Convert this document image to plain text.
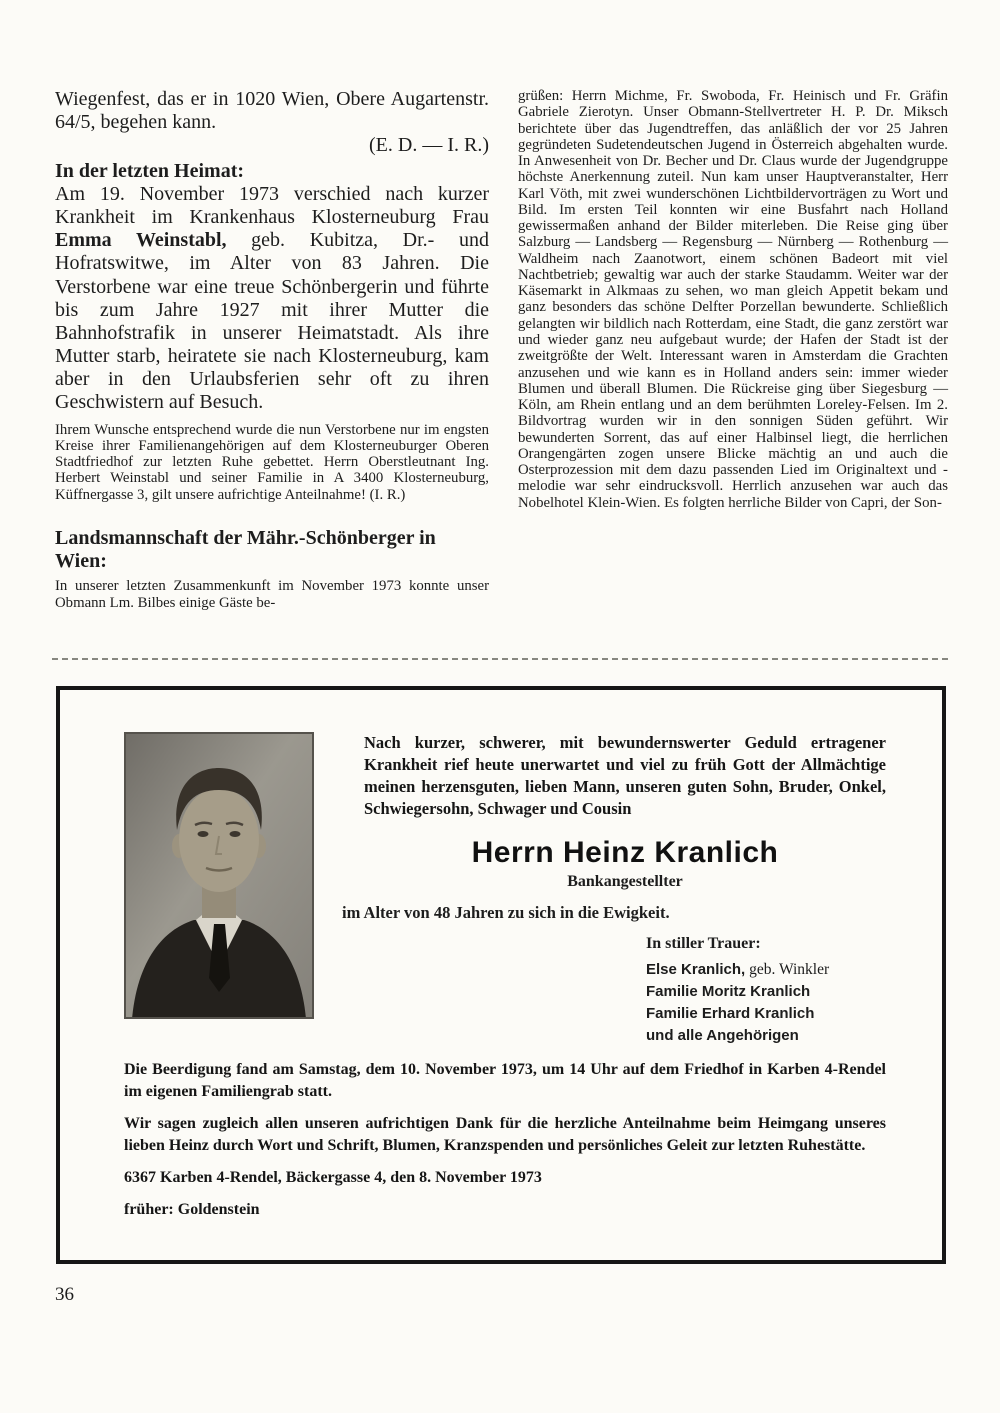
Wiegenfest, das er in 1020 Wien, Obere Augartenstr. 64/5, begehen kann.

(E. D. — I. R.)

In der letzten Heimat:

Am 19. November 1973 verschied nach kurzer Krankheit im Krankenhaus Klosterneuburg Frau Emma Weinstabl, geb. Kubitza, Dr.- und Hofratswitwe, im Alter von 83 Jahren. Die Verstorbene war eine treue Schönbergerin und führte bis zum Jahre 1927 mit ihrer Mutter die Bahnhofstrafik in unserer Heimatstadt. Als ihre Mutter starb, heiratete sie nach Klosterneuburg, kam aber in den Urlaubsferien sehr oft zu ihren Geschwistern auf Besuch.

Ihrem Wunsche entsprechend wurde die nun Verstorbene nur im engsten Kreise ihrer Familienangehörigen auf dem Klosterneuburger Oberen Stadtfriedhof zur letzten Ruhe gebettet. Herrn Oberstleutnant Ing. Herbert Weinstabl und seiner Familie in A 3400 Klosterneuburg, Küffnergasse 3, gilt unsere aufrichtige Anteilnahme! (I. R.)

Landsmannschaft der Mähr.-Schönberger in Wien:

In unserer letzten Zusammenkunft im November 1973 konnte unser Obmann Lm. Bilbes einige Gäste be-

grüßen: Herrn Michme, Fr. Swoboda, Fr. Heinisch und Fr. Gräfin Gabriele Zierotyn. Unser Obmann-Stellvertreter H. P. Dr. Miksch berichtete über das Jugendtreffen, das anläßlich der vor 25 Jahren gegründeten Sudetendeutschen Jugend in Österreich abgehalten wurde. In Anwesenheit von Dr. Becher und Dr. Claus wurde der Jugendgruppe höchste Anerkennung zuteil. Nun kam unser Hauptveranstalter, Herr Karl Vöth, mit zwei wunderschönen Lichtbildervorträgen zu Wort und Bild. Im ersten Teil konnten wir eine Busfahrt nach Holland gewissermaßen anhand der Bilder miterleben. Die Reise ging über Salzburg — Landsberg — Regensburg — Nürnberg — Rothenburg — Waldheim nach Zaanotwort, einem schönen Badeort mit viel Nachtbetrieb; gewaltig war auch der starke Staudamm. Weiter war der Käsemarkt in Alkmaas zu sehen, wo man gleich Appetit bekam und ganz besonders das schöne Delfter Porzellan bewunderte. Schließlich gelangten wir bildlich nach Rotterdam, eine Stadt, die ganz zerstört war und wieder ganz neu aufgebaut wurde; der Hafen der Stadt ist der zweitgrößte der Welt. Interessant waren in Amsterdam die Grachten anzusehen und wie kann es in Holland anders sein: immer wieder Blumen und überall Blumen. Die Rückreise ging über Siegesburg — Köln, am Rhein entlang und an dem berühmten Loreley-Felsen. Im 2. Bildvortrag wurden wir in den sonnigen Süden geführt. Wir bewunderten Sorrent, das auf einer Halbinsel liegt, die herrlichen Orangengärten zogen unsere Blicke mächtig an und auch die Osterprozession mit dem dazu passenden Lied im Originaltext und -melodie war sehr eindrucksvoll. Herrlich anzusehen war auch das Nobelhotel Klein-Wien. Es folgten herrliche Bilder von Capri, der Son-

Nach kurzer, schwerer, mit bewundernswerter Geduld ertragener Krankheit rief heute unerwartet und viel zu früh Gott der Allmächtige meinen herzensguten, lieben Mann, unseren guten Sohn, Bruder, Onkel, Schwiegersohn, Schwager und Cousin

Herrn Heinz Kranlich
Bankangestellter

im Alter von 48 Jahren zu sich in die Ewigkeit.

In stiller Trauer:
Else Kranlich, geb. Winkler
Familie Moritz Kranlich
Familie Erhard Kranlich
und alle Angehörigen

Die Beerdigung fand am Samstag, dem 10. November 1973, um 14 Uhr auf dem Friedhof in Karben 4-Rendel im eigenen Familiengrab statt.

Wir sagen zugleich allen unseren aufrichtigen Dank für die herzliche Anteilnahme beim Heimgang unseres lieben Heinz durch Wort und Schrift, Blumen, Kranzspenden und persönliches Geleit zur letzten Ruhestätte.

6367 Karben 4-Rendel, Bäckergasse 4, den 8. November 1973

früher: Goldenstein

36
